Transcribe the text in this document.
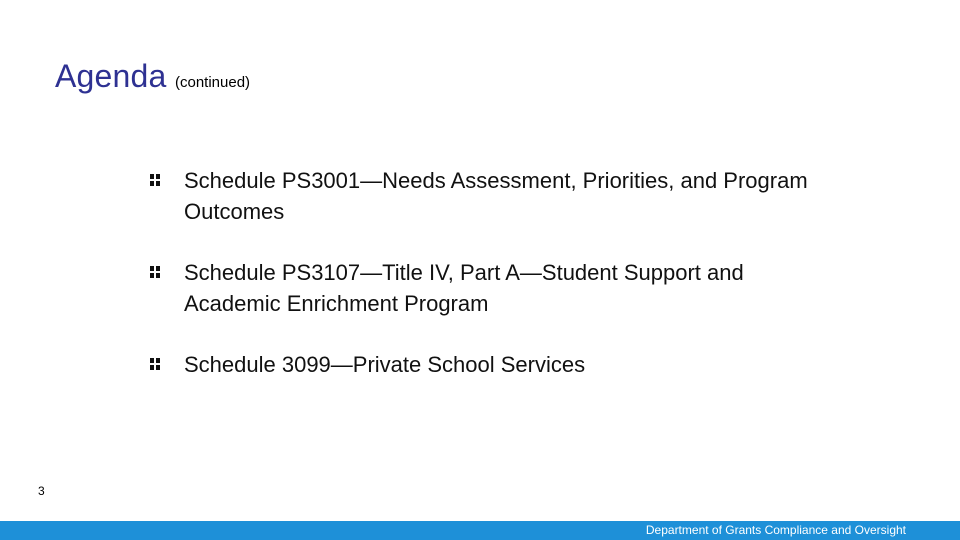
Agenda (continued)
Schedule PS3001—Needs Assessment, Priorities, and Program Outcomes
Schedule PS3107—Title IV, Part A—Student Support and Academic Enrichment Program
Schedule 3099—Private School Services
3
Department of Grants Compliance and Oversight
